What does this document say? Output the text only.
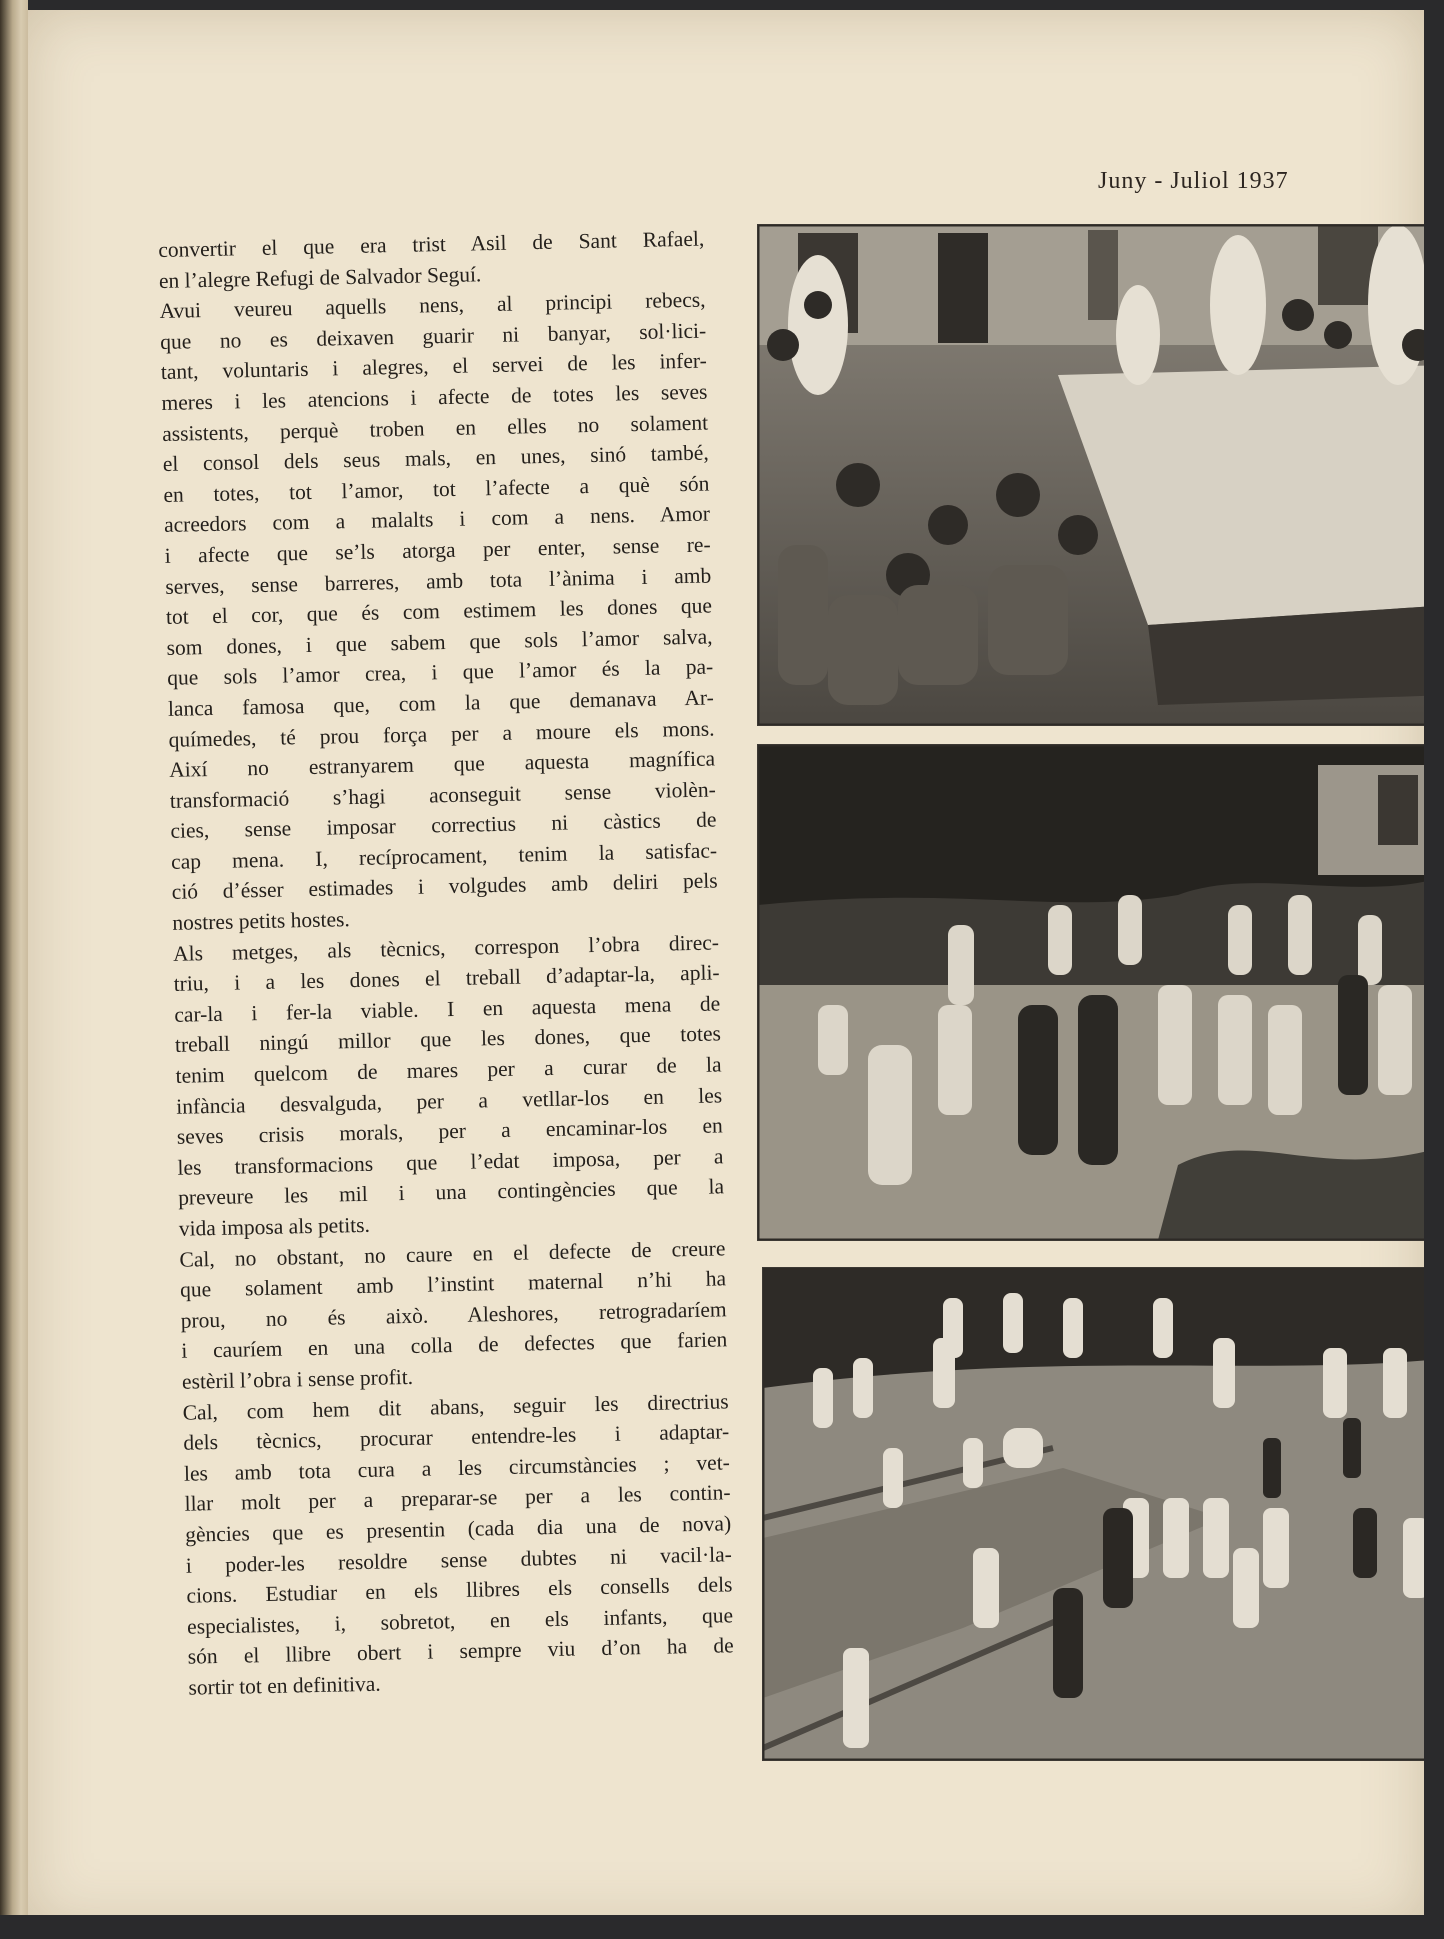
Juny - Juliol 1937
convertir el que era trist Asil de Sant Rafael,
en l’alegre Refugi de Salvador Seguí.
Avui veureu aquells nens, al principi rebecs,
que no es deixaven guarir ni banyar, sol·lici-
tant, voluntaris i alegres, el servei de les infer-
meres i les atencions i afecte de totes les seves
assistents, perquè troben en elles no solament
el consol dels seus mals, en unes, sinó també,
en totes, tot l’amor, tot l’afecte a què són
acreedors com a malalts i com a nens. Amor
i afecte que se’ls atorga per enter, sense re-
serves, sense barreres, amb tota l’ànima i amb
tot el cor, que és com estimem les dones que
som dones, i que sabem que sols l’amor salva,
que sols l’amor crea, i que l’amor és la pa-
lanca famosa que, com la que demanava Ar-
químedes, té prou força per a moure els mons.
Així no estranyarem que aquesta magnífica
transformació s’hagi aconseguit sense violèn-
cies, sense imposar correctius ni càstics de
cap mena. I, recíprocament, tenim la satisfac-
ció d’ésser estimades i volgudes amb deliri pels
nostres petits hostes.
Als metges, als tècnics, correspon l’obra direc-
triu, i a les dones el treball d’adaptar-la, apli-
car-la i fer-la viable. I en aquesta mena de
treball ningú millor que les dones, que totes
tenim quelcom de mares per a curar de la
infància desvalguda, per a vetllar-los en les
seves crisis morals, per a encaminar-los en
les transformacions que l’edat imposa, per a
preveure les mil i una contingències que la
vida imposa als petits.
Cal, no obstant, no caure en el defecte de creure
que solament amb l’instint maternal n’hi ha
prou, no és això. Aleshores, retrogradaríem
i cauríem en una colla de defectes que farien
estèril l’obra i sense profit.
Cal, com hem dit abans, seguir les directrius
dels tècnics, procurar entendre-les i adaptar-
les amb tota cura a les circumstàncies ; vet-
llar molt per a preparar-se per a les contin-
gències que es presentin (cada dia una de nova)
i poder-les resoldre sense dubtes ni vacil·la-
cions. Estudiar en els llibres els consells dels
especialistes, i, sobretot, en els infants, que
són el llibre obert i sempre viu d’on ha de
sortir tot en definitiva.
